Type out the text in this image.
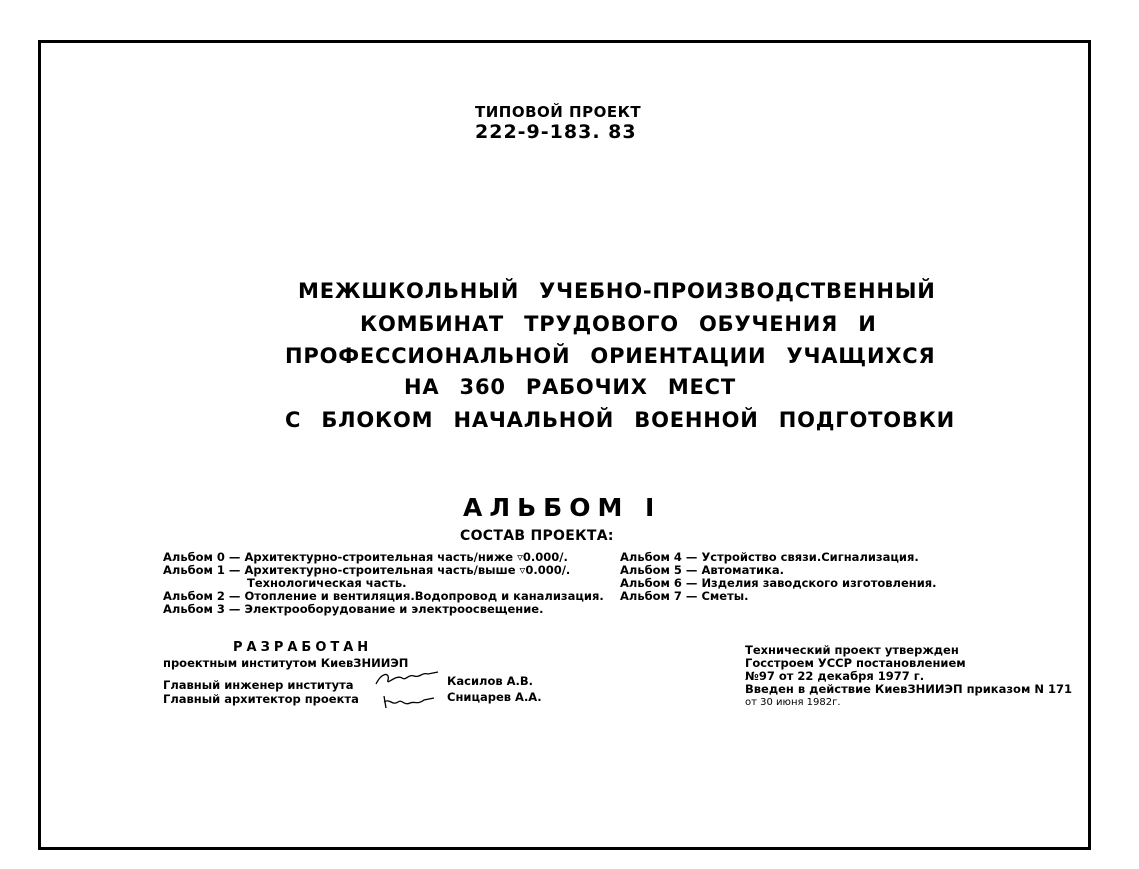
ТИПОВОЙ ПРОЕКТ
222-9-183. 83
МЕЖШКОЛЬНЫЙ УЧЕБНО-ПРОИЗВОДСТВЕННЫЙ
КОМБИНАТ ТРУДОВОГО ОБУЧЕНИЯ И
ПРОФЕССИОНАЛЬНОЙ ОРИЕНТАЦИИ УЧАЩИХСЯ
НА 360 РАБОЧИХ МЕСТ
С БЛОКОМ НАЧАЛЬНОЙ ВОЕННОЙ ПОДГОТОВКИ
АЛЬБОМ I
СОСТАВ ПРОЕКТА:
Альбом 0 — Архитектурно-строительная часть/ниже ▿0.000/.
Альбом 1 — Архитектурно-строительная часть/выше ▿0.000/.
Технологическая часть.
Альбом 2 — Отопление и вентиляция.Водопровод и канализация.
Альбом 3 — Электрооборудование и электроосвещение.
Альбом 4 — Устройство связи.Сигнализация.
Альбом 5 — Автоматика.
Альбом 6 — Изделия заводского изготовления.
Альбом 7 — Сметы.
РАЗРАБОТАН
проектным институтом КиевЗНИИЭП
Главный инженер института
Главный архитектор проекта
Касилов А.В.
Сницарев А.А.
Технический проект утвержден
Госстроем УССР постановлением
№97 от 22 декабря 1977 г.
Введен в действие КиевЗНИИЭП приказом N 171
от 30 июня 1982г.
